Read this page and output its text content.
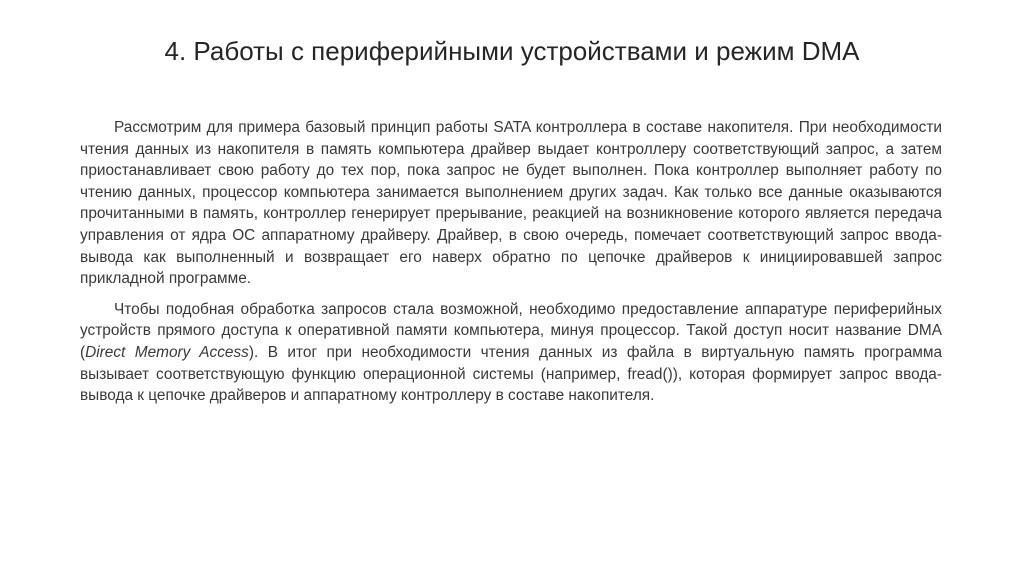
4. Работы с периферийными устройствами и режим DMA

Рассмотрим для примера базовый принцип работы SATA контроллера в составе накопителя. При необходимости чтения данных из накопителя в память компьютера драйвер выдает контроллеру соответствующий запрос, а затем приостанавливает свою работу до тех пор, пока запрос не будет выполнен. Пока контроллер выполняет работу по чтению данных, процессор компьютера занимается выполнением других задач. Как только все данные оказываются прочитанными в память, контроллер генерирует прерывание, реакцией на возникновение которого является передача управления от ядра ОС аппаратному драйверу. Драйвер, в свою очередь, помечает соответствующий запрос ввода-вывода как выполненный и возвращает его наверх обратно по цепочке драйверов к инициировавшей запрос прикладной программе.

Чтобы подобная обработка запросов стала возможной, необходимо предоставление аппаратуре периферийных устройств прямого доступа к оперативной памяти компьютера, минуя процессор. Такой доступ носит название DMA (Direct Memory Access). В итог при необходимости чтения данных из файла в виртуальную память программа вызывает соответствующую функцию операционной системы (например, fread()), которая формирует запрос ввода-вывода к цепочке драйверов и аппаратному контроллеру в составе накопителя.
